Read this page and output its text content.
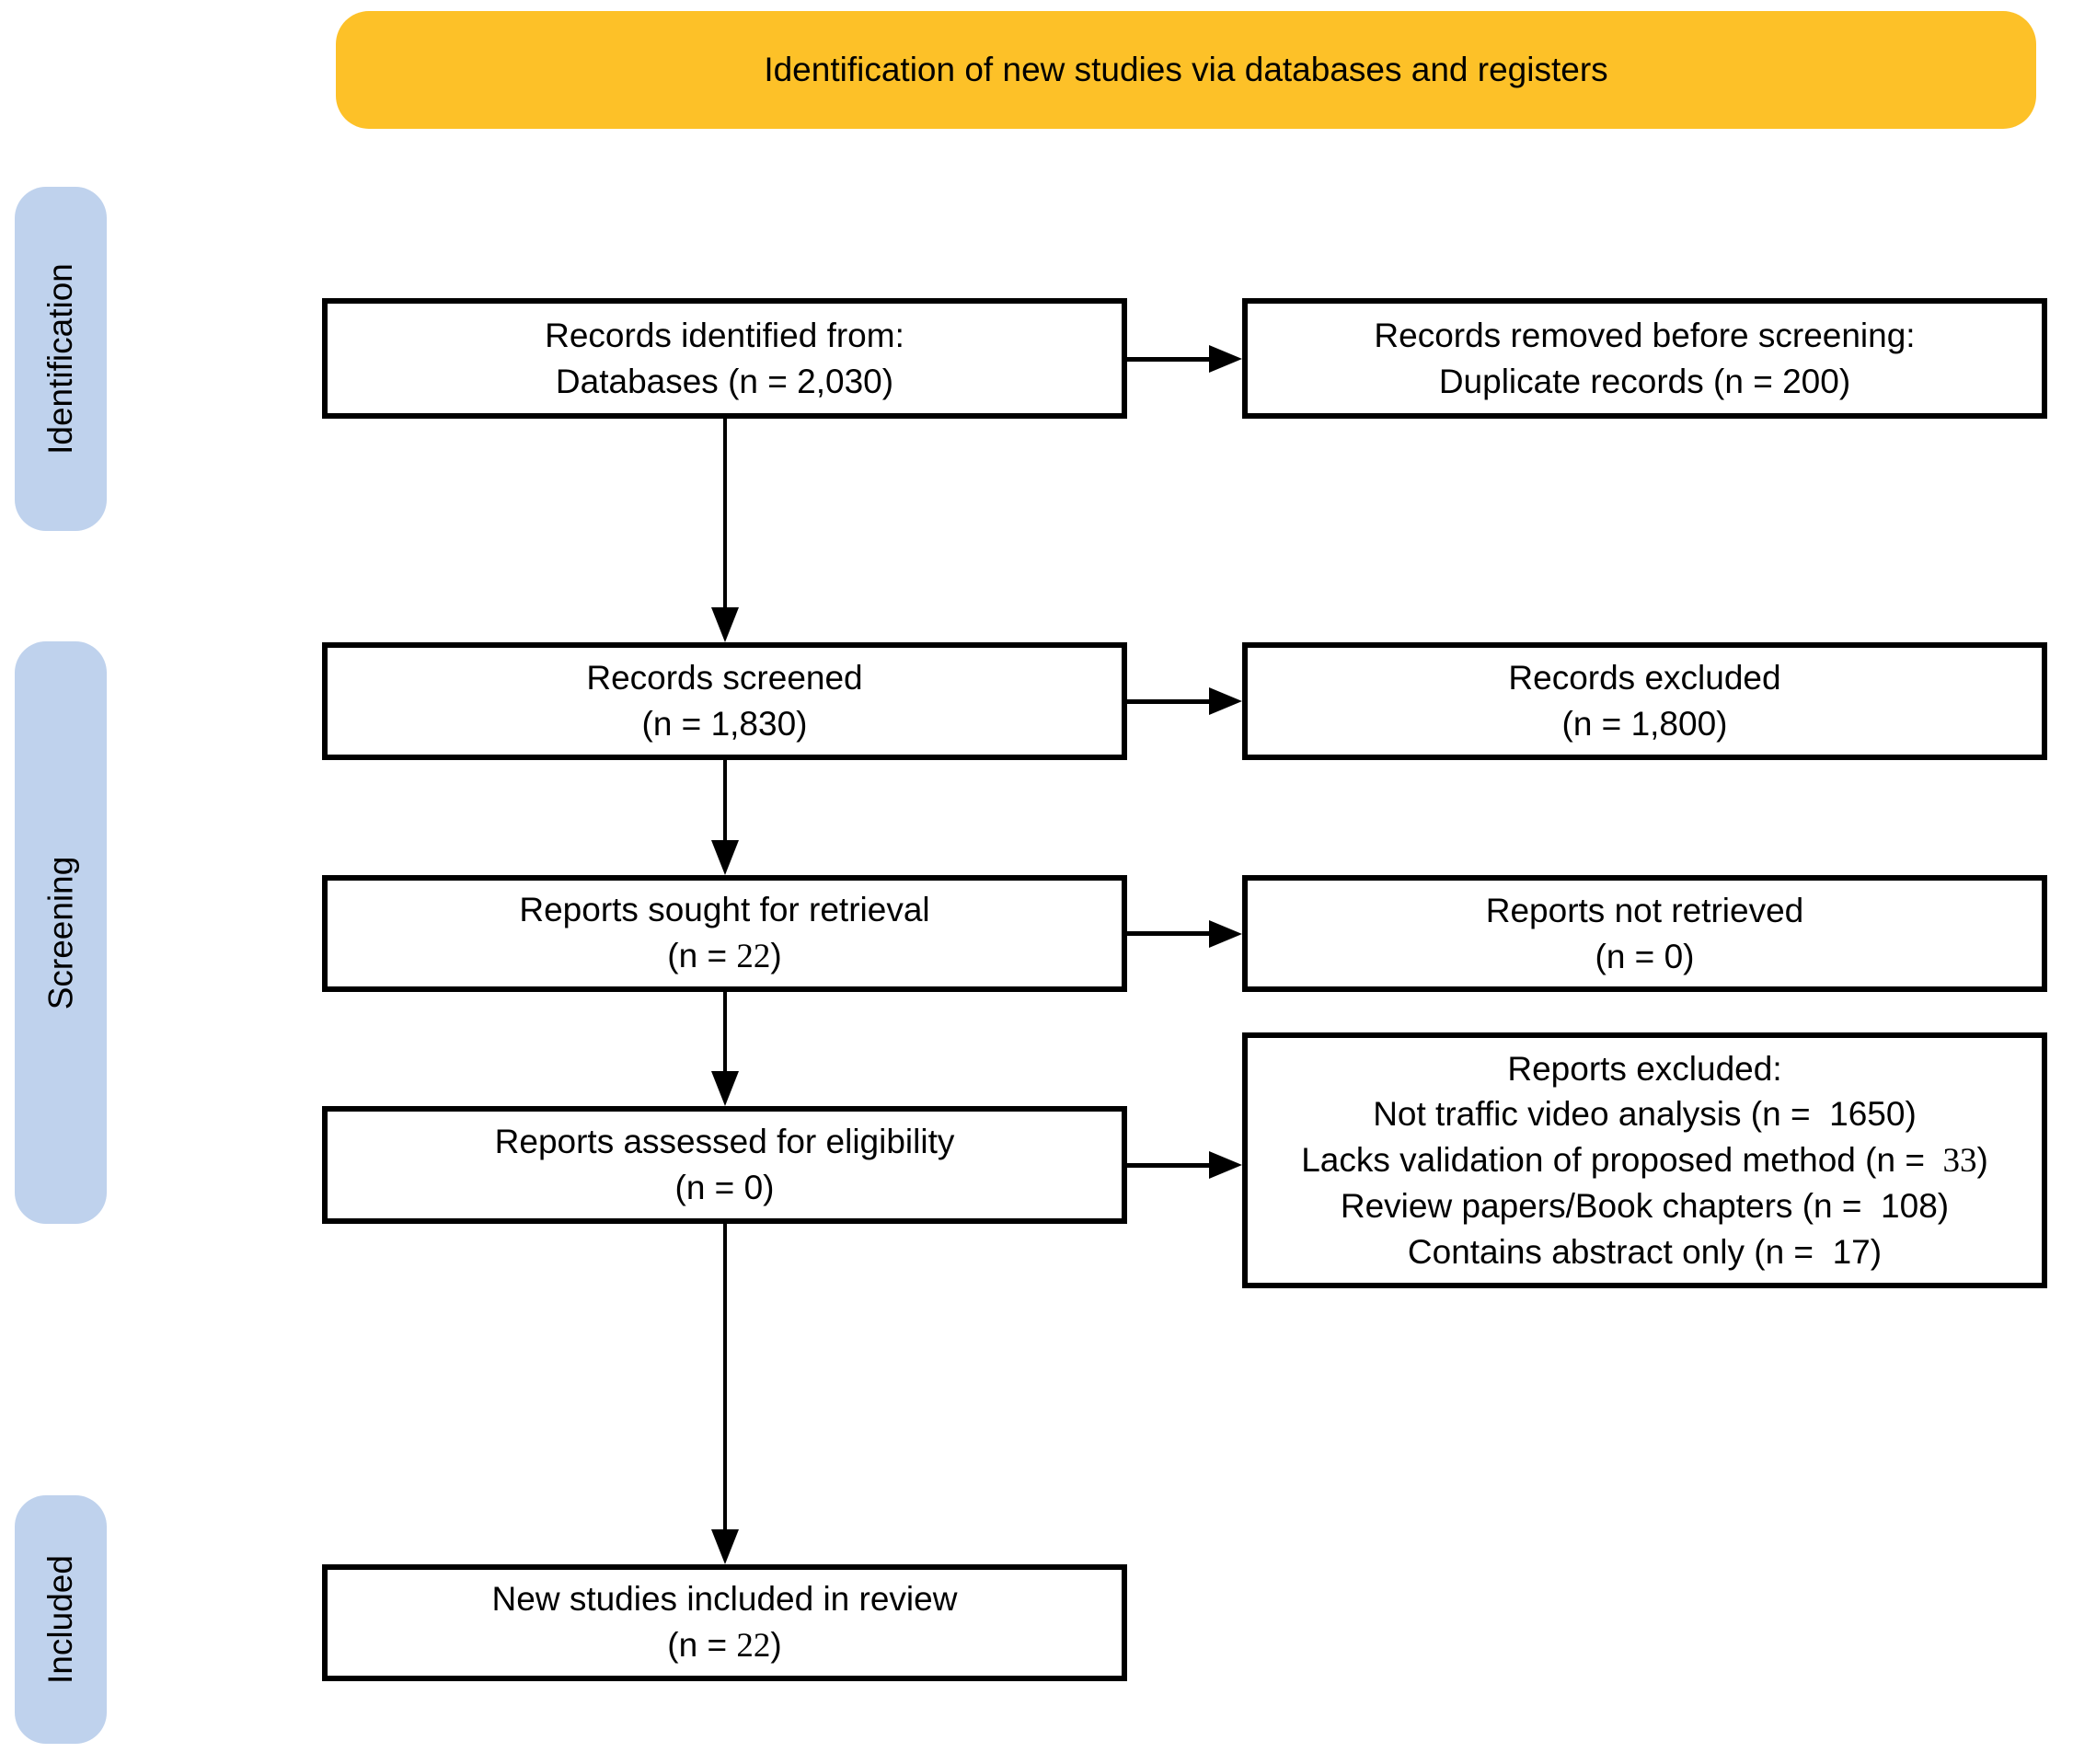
Identification of new studies via databases and registers
Identification
Screening
Included
Records identified from:
Databases (n = 2,030)
Records removed before screening:
Duplicate records (n = 200)
Records screened
(n = 1,830)
Records excluded
(n = 1,800)
Reports sought for retrieval
(n = 22)
Reports not retrieved
(n = 0)
Reports assessed for eligibility
(n = 0)
Reports excluded:
Not traffic video analysis (n =  1650)
Lacks validation of proposed method (n =  33)
Review papers/Book chapters (n =  108)
Contains abstract only (n =  17)
New studies included in review
(n = 22)
